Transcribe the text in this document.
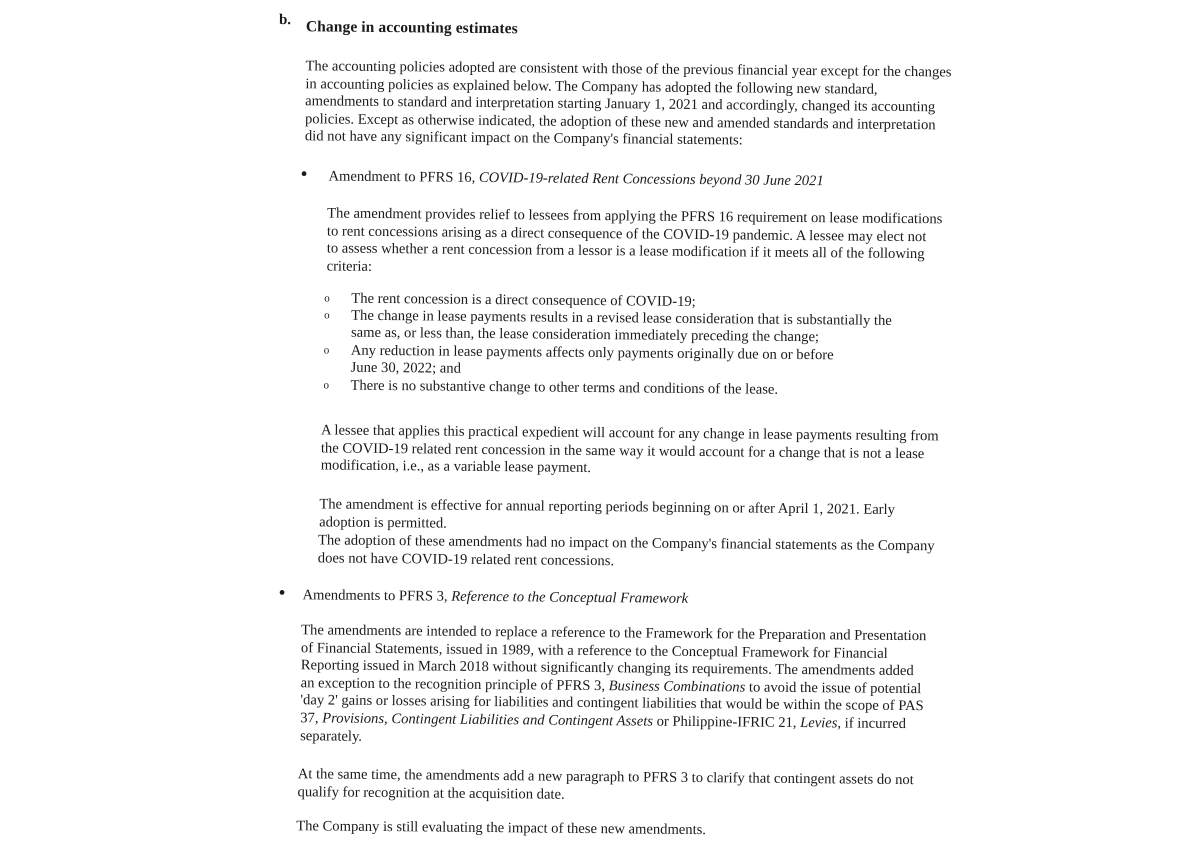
b. Change in accounting estimates
The accounting policies adopted are consistent with those of the previous financial year except for the changes
in accounting policies as explained below. The Company has adopted the following new standard,
amendments to standard and interpretation starting January 1, 2021 and accordingly, changed its accounting
policies. Except as otherwise indicated, the adoption of these new and amended standards and interpretation
did not have any significant impact on the Company's financial statements:
• Amendment to PFRS 16, COVID-19-related Rent Concessions beyond 30 June 2021
The amendment provides relief to lessees from applying the PFRS 16 requirement on lease modifications
to rent concessions arising as a direct consequence of the COVID-19 pandemic. A lessee may elect not
to assess whether a rent concession from a lessor is a lease modification if it meets all of the following
criteria:
o The rent concession is a direct consequence of COVID-19;
o The change in lease payments results in a revised lease consideration that is substantially the
same as, or less than, the lease consideration immediately preceding the change;
o Any reduction in lease payments affects only payments originally due on or before
June 30, 2022; and
o There is no substantive change to other terms and conditions of the lease.
A lessee that applies this practical expedient will account for any change in lease payments resulting from
the COVID-19 related rent concession in the same way it would account for a change that is not a lease
modification, i.e., as a variable lease payment.
The amendment is effective for annual reporting periods beginning on or after April 1, 2021. Early
adoption is permitted.
The adoption of these amendments had no impact on the Company's financial statements as the Company
does not have COVID-19 related rent concessions.
• Amendments to PFRS 3, Reference to the Conceptual Framework
The amendments are intended to replace a reference to the Framework for the Preparation and Presentation
of Financial Statements, issued in 1989, with a reference to the Conceptual Framework for Financial
Reporting issued in March 2018 without significantly changing its requirements. The amendments added
an exception to the recognition principle of PFRS 3, Business Combinations to avoid the issue of potential
'day 2' gains or losses arising for liabilities and contingent liabilities that would be within the scope of PAS
37, Provisions, Contingent Liabilities and Contingent Assets or Philippine-IFRIC 21, Levies, if incurred
separately.
At the same time, the amendments add a new paragraph to PFRS 3 to clarify that contingent assets do not
qualify for recognition at the acquisition date.
The Company is still evaluating the impact of these new amendments.
